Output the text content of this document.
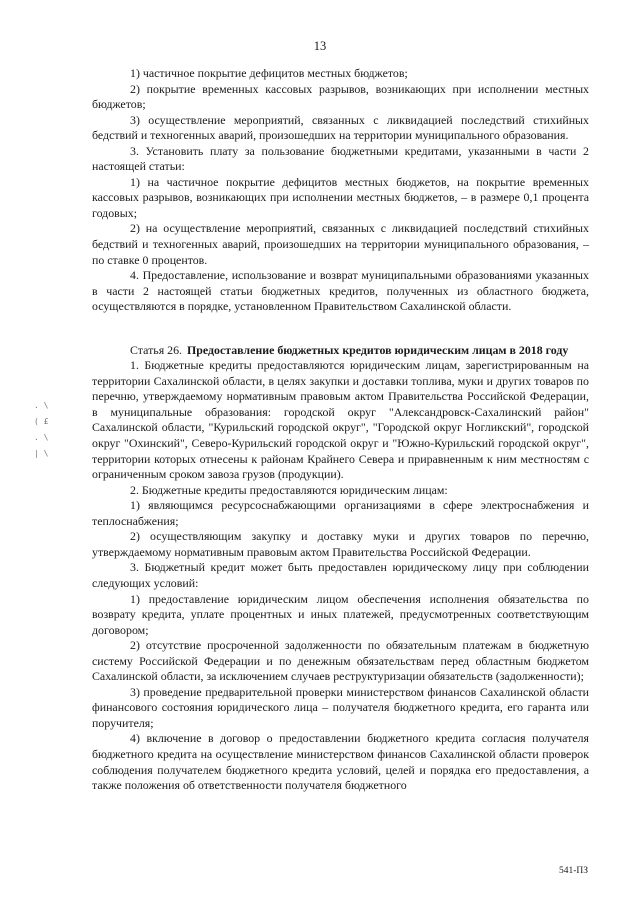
13
. \
( £
. \
| \

1) частичное покрытие дефицитов местных бюджетов;

2) покрытие временных кассовых разрывов, возникающих при исполнении местных бюджетов;

3) осуществление мероприятий, связанных с ликвидацией последствий стихийных бедствий и техногенных аварий, произошедших на территории муниципального образования.

3. Установить плату за пользование бюджетными кредитами, указанными в части 2 настоящей статьи:

1) на частичное покрытие дефицитов местных бюджетов, на покрытие временных кассовых разрывов, возникающих при исполнении местных бюджетов, – в размере 0,1 процента годовых;

2) на осуществление мероприятий, связанных с ликвидацией последствий стихийных бедствий и техногенных аварий, произошедших на территории муниципального образования, – по ставке 0 процентов.

4. Предоставление, использование и возврат муниципальными образованиями указанных в части 2 настоящей статьи бюджетных кредитов, полученных из областного бюджета, осуществляются в порядке, установленном Правительством Сахалинской области.

Статья 26. Предоставление бюджетных кредитов юридическим лицам в 2018 году

1. Бюджетные кредиты предоставляются юридическим лицам, зарегистрированным на территории Сахалинской области, в целях закупки и доставки топлива, муки и других товаров по перечню, утверждаемому нормативным правовым актом Правительства Российской Федерации, в муниципальные образования: городской округ "Александровск-Сахалинский район" Сахалинской области, "Курильский городской округ", "Городской округ Ногликский", городской округ "Охинский", Северо-Курильский городской округ и "Южно-Курильский городской округ", территории которых отнесены к районам Крайнего Севера и приравненным к ним местностям с ограниченным сроком завоза грузов (продукции).

2. Бюджетные кредиты предоставляются юридическим лицам:

1) являющимся ресурсоснабжающими организациями в сфере электроснабжения и теплоснабжения;

2) осуществляющим закупку и доставку муки и других товаров по перечню, утверждаемому нормативным правовым актом Правительства Российской Федерации.

3. Бюджетный кредит может быть предоставлен юридическому лицу при соблюдении следующих условий:

1) предоставление юридическим лицом обеспечения исполнения обязательства по возврату кредита, уплате процентных и иных платежей, предусмотренных соответствующим договором;

2) отсутствие просроченной задолженности по обязательным платежам в бюджетную систему Российской Федерации и по денежным обязательствам перед областным бюджетом Сахалинской области, за исключением случаев реструктуризации обязательств (задолженности);

3) проведение предварительной проверки министерством финансов Сахалинской области финансового состояния юридического лица – получателя бюджетного кредита, его гаранта или поручителя;

4) включение в договор о предоставлении бюджетного кредита согласия получателя бюджетного кредита на осуществление министерством финансов Сахалинской области проверок соблюдения получателем бюджетного кредита условий, целей и порядка его предоставления, а также положения об ответственности получателя бюджетного

541-ПЗ
